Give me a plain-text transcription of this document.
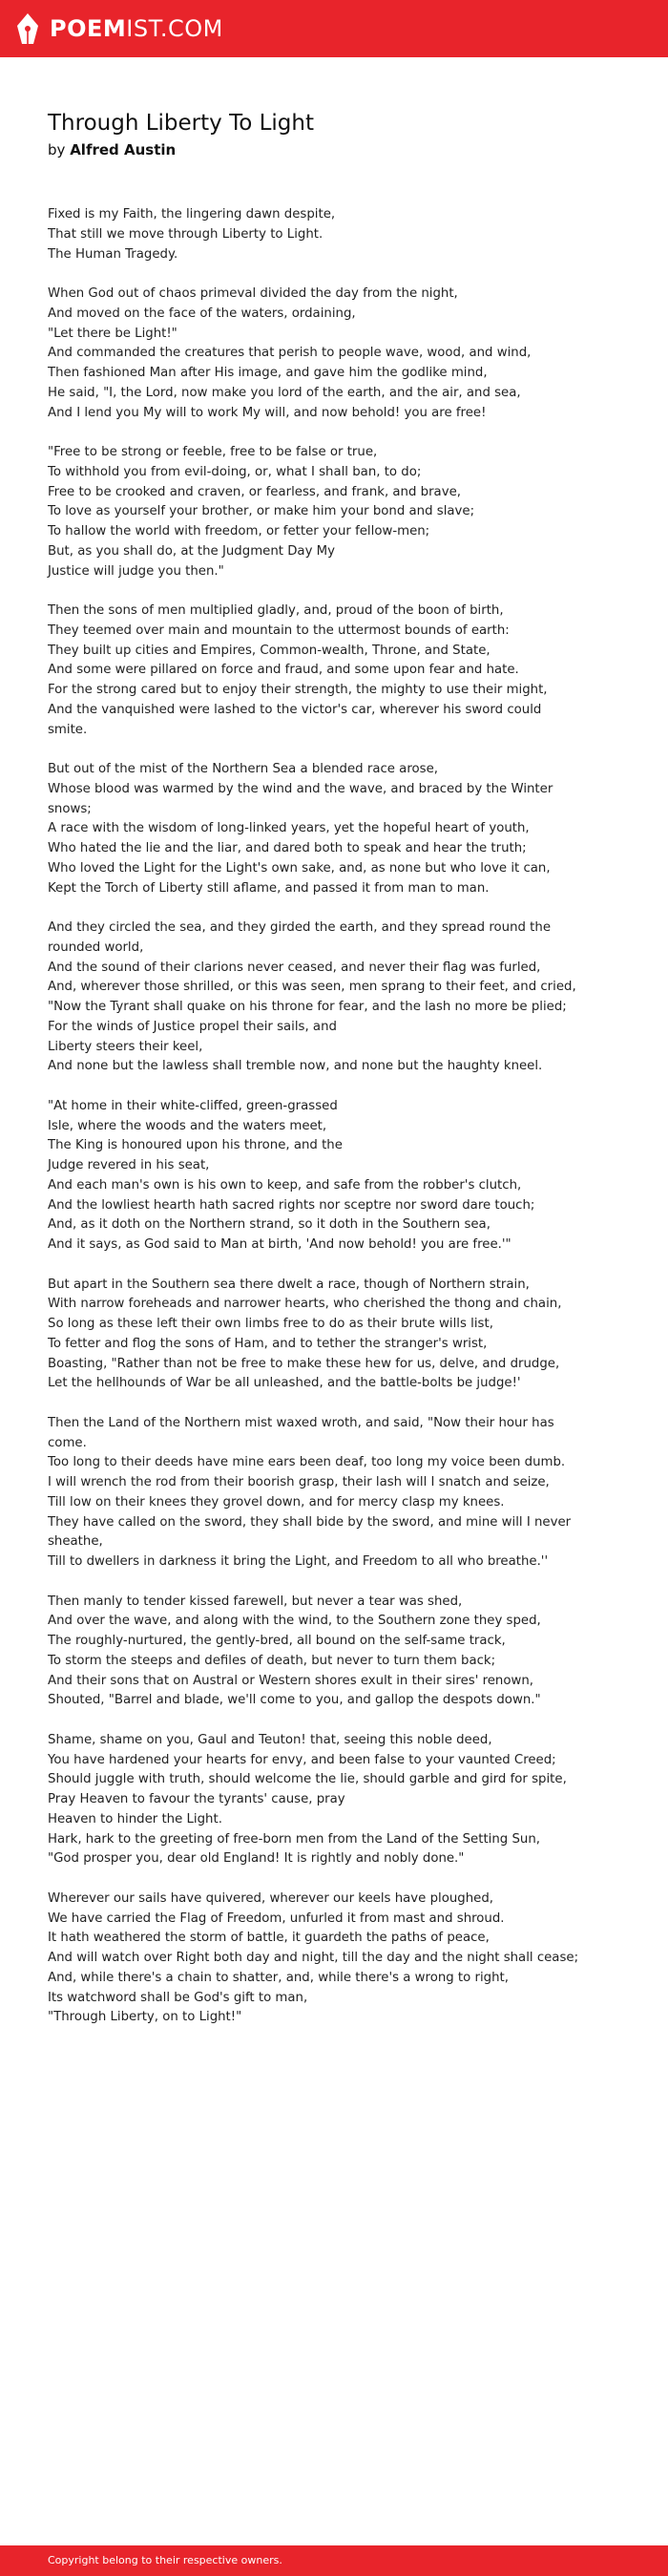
POEMIST.COM
Through Liberty To Light
by Alfred Austin
Fixed is my Faith, the lingering dawn despite,
That still we move through Liberty to Light.
The Human Tragedy.
When God out of chaos primeval divided the day from the night,
And moved on the face of the waters, ordaining,
"Let there be Light!"
And commanded the creatures that perish to people wave, wood, and wind,
Then fashioned Man after His image, and gave him the godlike mind,
He said, "I, the Lord, now make you lord of the earth, and the air, and sea,
And I lend you My will to work My will, and now behold! you are free!
"Free to be strong or feeble, free to be false or true,
To withhold you from evil-doing, or, what I shall ban, to do;
Free to be crooked and craven, or fearless, and frank, and brave,
To love as yourself your brother, or make him your bond and slave;
To hallow the world with freedom, or fetter your fellow-men;
But, as you shall do, at the Judgment Day My
Justice will judge you then."
Then the sons of men multiplied gladly, and, proud of the boon of birth,
They teemed over main and mountain to the uttermost bounds of earth:
They built up cities and Empires, Common-wealth, Throne, and State,
And some were pillared on force and fraud, and some upon fear and hate.
For the strong cared but to enjoy their strength, the mighty to use their might,
And the vanquished were lashed to the victor's car, wherever his sword could smite.
But out of the mist of the Northern Sea a blended race arose,
Whose blood was warmed by the wind and the wave, and braced by the Winter snows;
A race with the wisdom of long-linked years, yet the hopeful heart of youth,
Who hated the lie and the liar, and dared both to speak and hear the truth;
Who loved the Light for the Light's own sake, and, as none but who love it can,
Kept the Torch of Liberty still aflame, and passed it from man to man.
And they circled the sea, and they girded the earth, and they spread round the rounded world,
And the sound of their clarions never ceased, and never their flag was furled,
And, wherever those shrilled, or this was seen, men sprang to their feet, and cried,
"Now the Tyrant shall quake on his throne for fear, and the lash no more be plied;
For the winds of Justice propel their sails, and
Liberty steers their keel,
And none but the lawless shall tremble now, and none but the haughty kneel.
"At home in their white-cliffed, green-grassed
Isle, where the woods and the waters meet,
The King is honoured upon his throne, and the
Judge revered in his seat,
And each man's own is his own to keep, and safe from the robber's clutch,
And the lowliest hearth hath sacred rights nor sceptre nor sword dare touch;
And, as it doth on the Northern strand, so it doth in the Southern sea,
And it says, as God said to Man at birth, 'And now behold! you are free.'"
But apart in the Southern sea there dwelt a race, though of Northern strain,
With narrow foreheads and narrower hearts, who cherished the thong and chain,
So long as these left their own limbs free to do as their brute wills list,
To fetter and flog the sons of Ham, and to tether the stranger's wrist,
Boasting, "Rather than not be free to make these hew for us, delve, and drudge,
Let the hellhounds of War be all unleashed, and the battle-bolts be judge!'
Then the Land of the Northern mist waxed wroth, and said, "Now their hour has come.
Too long to their deeds have mine ears been deaf, too long my voice been dumb.
I will wrench the rod from their boorish grasp, their lash will I snatch and seize,
Till low on their knees they grovel down, and for mercy clasp my knees.
They have called on the sword, they shall bide by the sword, and mine will I never sheathe,
Till to dwellers in darkness it bring the Light, and Freedom to all who breathe.''
Then manly to tender kissed farewell, but never a tear was shed,
And over the wave, and along with the wind, to the Southern zone they sped,
The roughly-nurtured, the gently-bred, all bound on the self-same track,
To storm the steeps and defiles of death, but never to turn them back;
And their sons that on Austral or Western shores exult in their sires' renown,
Shouted, "Barrel and blade, we'll come to you, and gallop the despots down."
Shame, shame on you, Gaul and Teuton! that, seeing this noble deed,
You have hardened your hearts for envy, and been false to your vaunted Creed;
Should juggle with truth, should welcome the lie, should garble and gird for spite,
Pray Heaven to favour the tyrants' cause, pray
Heaven to hinder the Light.
Hark, hark to the greeting of free-born men from the Land of the Setting Sun,
"God prosper you, dear old England! It is rightly and nobly done."
Wherever our sails have quivered, wherever our keels have ploughed,
We have carried the Flag of Freedom, unfurled it from mast and shroud.
It hath weathered the storm of battle, it guardeth the paths of peace,
And will watch over Right both day and night, till the day and the night shall cease;
And, while there's a chain to shatter, and, while there's a wrong to right,
Its watchword shall be God's gift to man,
"Through Liberty, on to Light!"
Copyright belong to their respective owners.
